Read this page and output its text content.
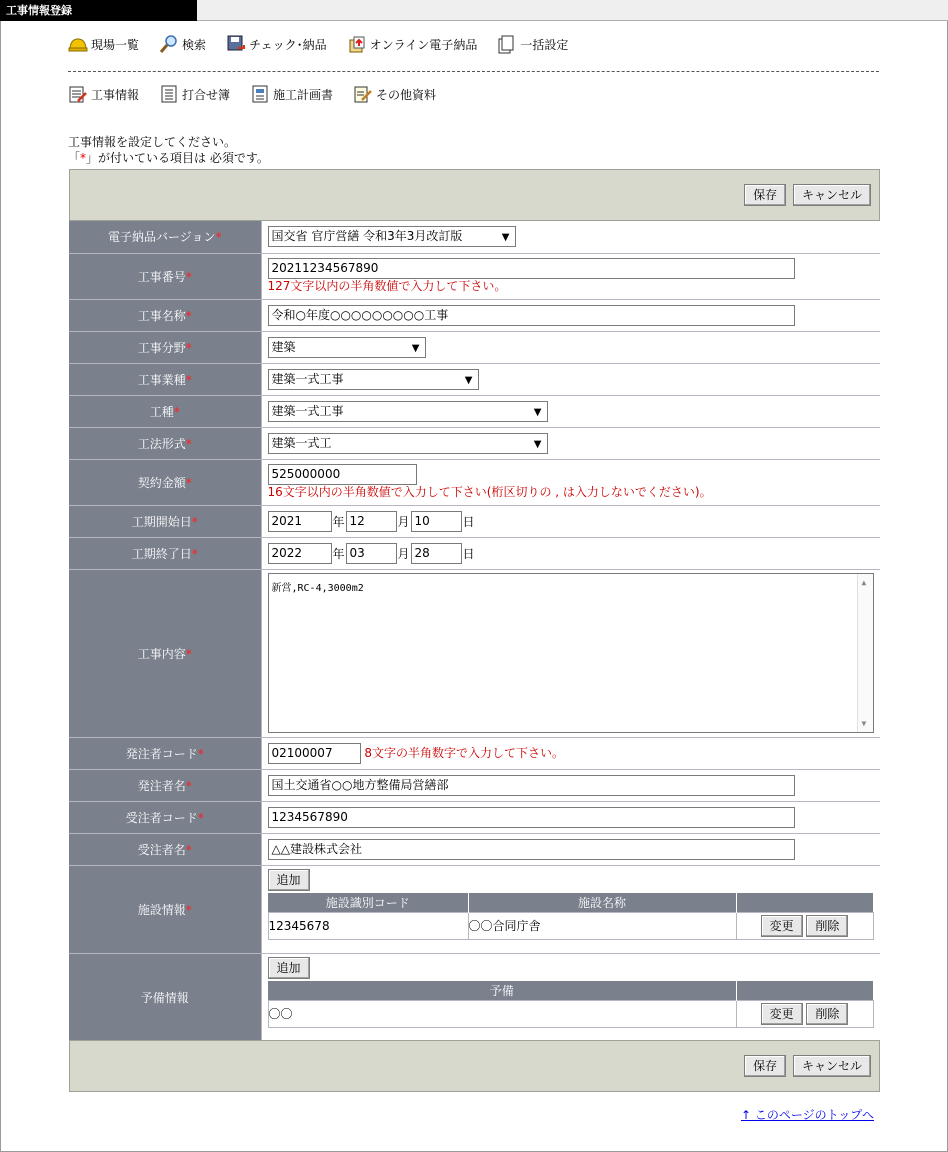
工事情報登録
現場一覧	検索	チェック･納品	オンライン電子納品	一括設定
工事情報	打合せ簿	施工計画書	その他資料
工事情報を設定してください。
「*」が付いている項目は 必須です。
保存 キャンセル
電子納品バージョン*	国交省 官庁営繕 令和3年3月改訂版	▼

工事番号*	20211234567890
127文字以内の半角数値で入力して下さい。

工事名称*	令和○年度○○○○○○○○○工事
工事分野*	建築	▼

工事業種*	建築一式工事	▼

工種*	建築一式工事	▼

工法形式*	建築一式工	▼

契約金額*	525000000
16文字以内の半角数値で入力して下さい(桁区切りの , は入力しないでください)。

工期開始日*	2021	年 12	月 10	日
工期終了日*	2022	年 03	月 28	日
工事内容*	
新営,RC-4,3000m2
▲
▼

発注者コード*	02100007	8文字の半角数字で入力して下さい。
発注者名*	国土交通省○○地方整備局営繕部
受注者コード*	1234567890
受注者名*	△△建設株式会社
施設情報*	追加
施設識別コード	施設名称	
12345678	〇〇合同庁舎	変更 削除

予備情報	追加
予備	
〇〇	変更 削除
保存 キャンセル
↑ このページのトップへ
